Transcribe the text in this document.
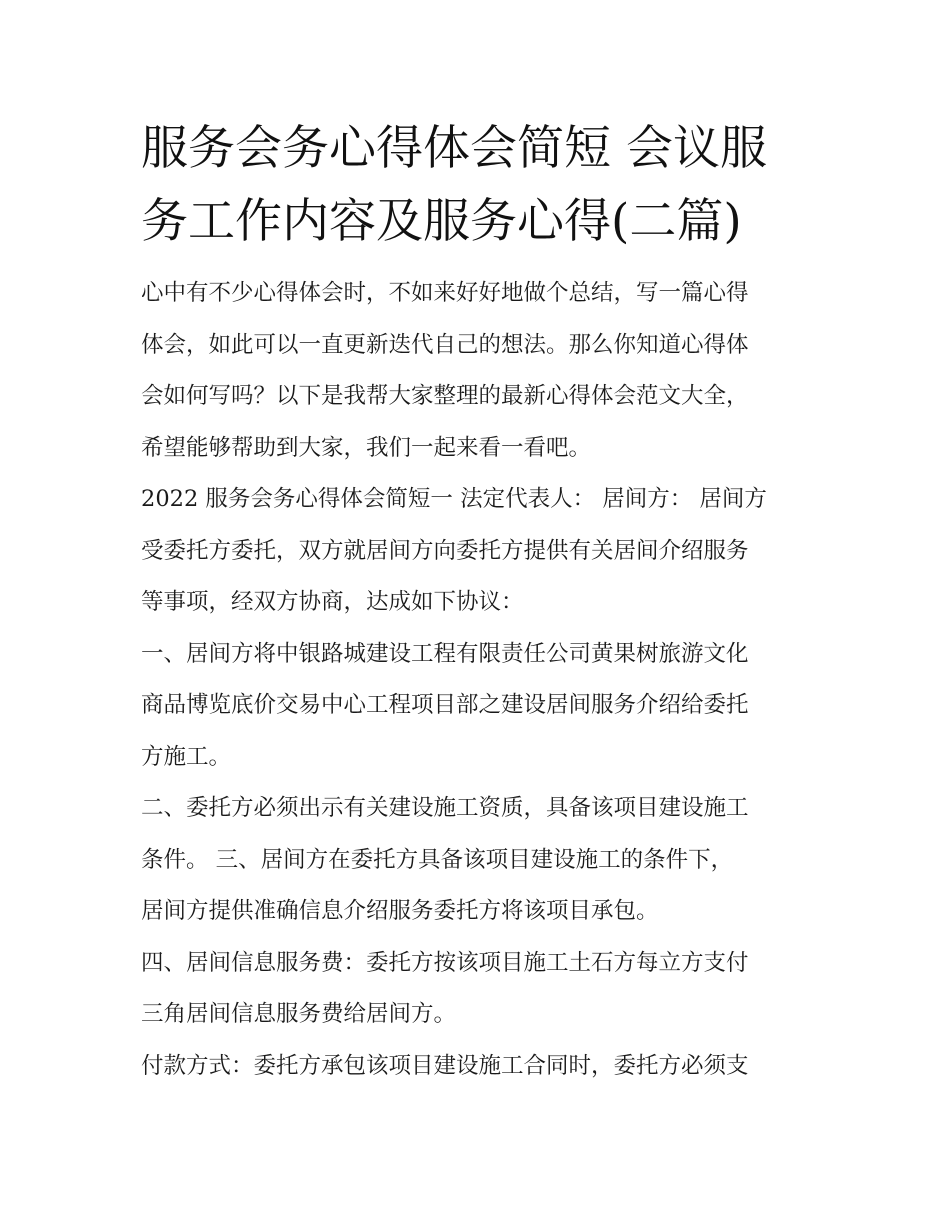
服务会务心得体会简短 会议服
务工作内容及服务心得(二篇)

心中有不少心得体会时，不如来好好地做个总结，写一篇心得
体会，如此可以一直更新迭代自己的想法。那么你知道心得体
会如何写吗？以下是我帮大家整理的最新心得体会范文大全，
希望能够帮助到大家，我们一起来看一看吧。

2022 服务会务心得体会简短一 法定代表人： 居间方： 居间方
受委托方委托，双方就居间方向委托方提供有关居间介绍服务
等事项，经双方协商，达成如下协议：

一、居间方将中银路城建设工程有限责任公司黄果树旅游文化
商品博览底价交易中心工程项目部之建设居间服务介绍给委托
方施工。

二、委托方必须出示有关建设施工资质，具备该项目建设施工
条件。 三、居间方在委托方具备该项目建设施工的条件下，
居间方提供准确信息介绍服务委托方将该项目承包。

四、居间信息服务费：委托方按该项目施工土石方每立方支付
三角居间信息服务费给居间方。

付款方式：委托方承包该项目建设施工合同时，委托方必须支
